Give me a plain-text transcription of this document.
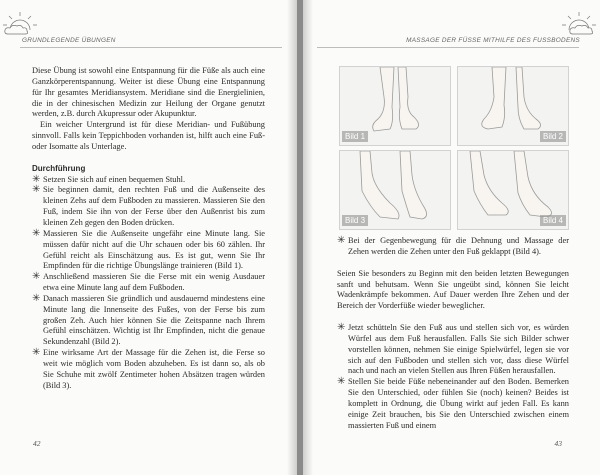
GRUNDLEGENDE ÜBUNGEN

Diese Übung ist sowohl eine Entspannung für die Füße als auch eine Ganzkörperentspannung. Weiter ist diese Übung eine Entspannung für Ihr gesamtes Meridiansystem. Meridiane sind die Energielinien, die in der chinesischen Medizin zur Heilung der Organe genutzt werden, z.B. durch Akupressur oder Akupunktur.

Ein weicher Untergrund ist für diese Meridian- und Fußübung sinnvoll. Falls kein Teppichboden vorhanden ist, hilft auch eine Fuß- oder Isomatte als Unterlage.

Durchführung

✳ Setzen Sie sich auf einen bequemen Stuhl.
✳ Sie beginnen damit, den rechten Fuß und die Außenseite des kleinen Zehs auf dem Fußboden zu massieren. Massieren Sie den Fuß, indem Sie ihn von der Ferse über den Außenrist bis zum kleinen Zeh gegen den Boden drücken.
✳ Massieren Sie die Außenseite ungefähr eine Minute lang. Sie müssen dafür nicht auf die Uhr schauen oder bis 60 zählen. Ihr Gefühl reicht als Einschätzung aus. Es ist gut, wenn Sie Ihr Empfinden für die richtige Übungslänge trainieren (Bild 1).
✳ Anschließend massieren Sie die Ferse mit ein wenig Ausdauer etwa eine Minute lang auf dem Fußboden.
✳ Danach massieren Sie gründlich und ausdauernd mindestens eine Minute lang die Innenseite des Fußes, von der Ferse bis zum großen Zeh. Auch hier können Sie die Zeitspanne nach Ihrem Gefühl einschätzen. Wichtig ist Ihr Empfinden, nicht die genaue Sekundenzahl (Bild 2).
✳ Eine wirksame Art der Massage für die Zehen ist, die Ferse so weit wie möglich vom Boden abzuheben. Es ist dann so, als ob Sie Schuhe mit zwölf Zentimeter hohen Absätzen tragen würden (Bild 3).
42
MASSAGE DER FÜSSE MITHILFE DES FUSSBODENS
Bild 1	Bild 2
Bild 3	Bild 4
✳ Bei der Gegenbewegung für die Dehnung und Massage der Zehen werden die Zehen unter den Fuß geklappt (Bild 4).

Seien Sie besonders zu Beginn mit den beiden letzten Bewegungen sanft und behutsam. Wenn Sie ungeübt sind, können Sie leicht Wadenkrämpfe bekommen. Auf Dauer werden Ihre Zehen und der Bereich der Vorderfüße wieder beweglicher.

✳ Jetzt schütteln Sie den Fuß aus und stellen sich vor, es würden Würfel aus dem Fuß herausfallen. Falls Sie sich Bilder schwer vorstellen können, nehmen Sie einige Spielwürfel, legen sie vor sich auf den Fußboden und stellen sich vor, dass diese Würfel nach und nach an vielen Stellen aus Ihren Füßen herausfallen.
✳ Stellen Sie beide Füße nebeneinander auf den Boden. Bemerken Sie den Unterschied, oder fühlen Sie (noch) keinen? Beides ist komplett in Ordnung, die Übung wirkt auf jeden Fall. Es kann einige Zeit brauchen, bis Sie den Unterschied zwischen einem massierten Fuß und einem
43
